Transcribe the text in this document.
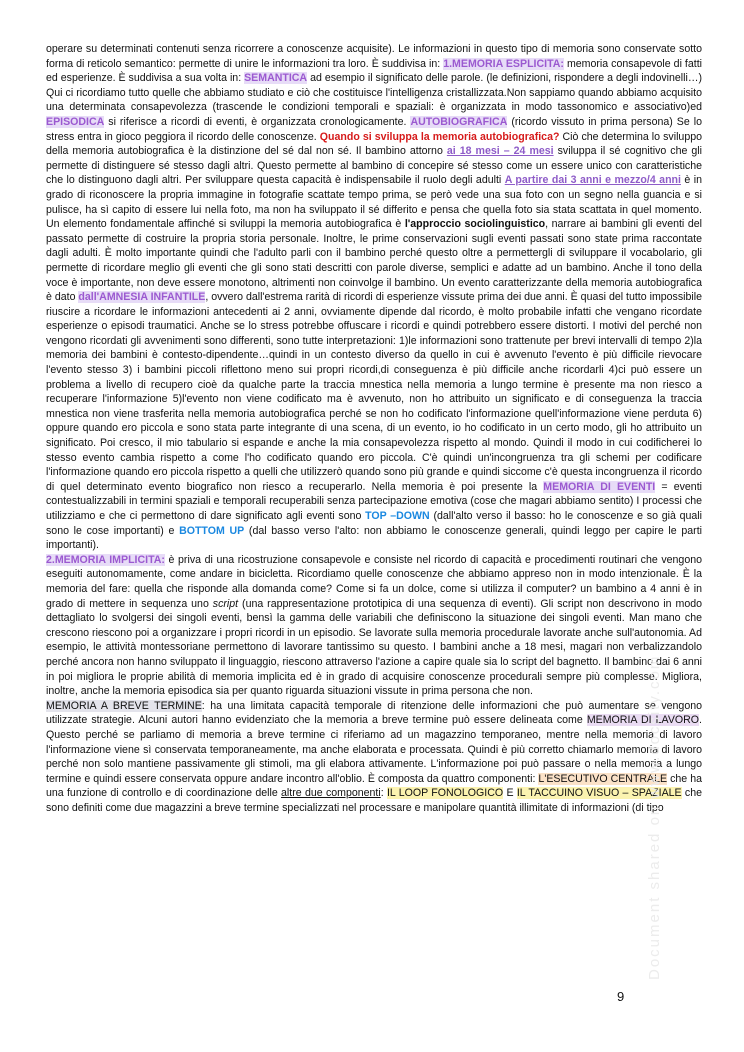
operare su determinati contenuti senza ricorrere a conoscenze acquisite). Le informazioni in questo tipo di memoria sono conservate sotto forma di reticolo semantico: permette di unire le informazioni tra loro. È suddivisa in: 1.MEMORIA ESPLICITA: memoria consapevole di fatti ed esperienze. È suddivisa a sua volta in: SEMANTICA ad esempio il significato delle parole. (le definizioni, rispondere a degli indovinelli…) Qui ci ricordiamo tutto quelle che abbiamo studiato e ciò che costituisce l'intelligenza cristallizzata.Non sappiamo quando abbiamo acquisito una determinata consapevolezza (trascende le condizioni temporali e spaziali: è organizzata in modo tassonomico e associativo)ed EPISODICA si riferisce a ricordi di eventi, è organizzata cronologicamente. AUTOBIOGRAFICA (ricordo vissuto in prima persona) Se lo stress entra in gioco peggiora il ricordo delle conoscenze. Quando si sviluppa la memoria autobiografica? Ciò che determina lo sviluppo della memoria autobiografica è la distinzione del sé dal non sé. Il bambino attorno ai 18 mesi – 24 mesi sviluppa il sé cognitivo che gli permette di distinguere sé stesso dagli altri. Questo permette al bambino di concepire sé stesso come un essere unico con caratteristiche che lo distinguono dagli altri. Per sviluppare questa capacità è indispensabile il ruolo degli adulti A partire dai 3 anni e mezzo/4 anni è in grado di riconoscere la propria immagine in fotografie scattate tempo prima, se però vede una sua foto con un segno nella guancia e si pulisce, ha sì capito di essere lui nella foto, ma non ha sviluppato il sé differito e pensa che quella foto sia stata scattata in quel momento. Un elemento fondamentale affinché si sviluppi la memoria autobiografica è l'approccio sociolinguistico, narrare ai bambini gli eventi del passato permette di costruire la propria storia personale. Inoltre, le prime conservazioni sugli eventi passati sono state prima raccontate dagli adulti. È molto importante quindi che l'adulto parli con il bambino perché questo oltre a permettergli di sviluppare il vocabolario, gli permette di ricordare meglio gli eventi che gli sono stati descritti con parole diverse, semplici e adatte ad un bambino. Anche il tono della voce è importante, non deve essere monotono, altrimenti non coinvolge il bambino. Un evento caratterizzante della memoria autobiografica è dato dall'AMNESIA INFANTILE, ovvero dall'estrema rarità di ricordi di esperienze vissute prima dei due anni. È quasi del tutto impossibile riuscire a ricordare le informazioni antecedenti ai 2 anni, ovviamente dipende dal ricordo, è molto probabile infatti che vengano ricordate esperienze o episodi traumatici. Anche se lo stress potrebbe offuscare i ricordi e quindi potrebbero essere distorti. I motivi del perché non vengono ricordati gli avvenimenti sono differenti, sono tutte interpretazioni: 1)le informazioni sono trattenute per brevi intervalli di tempo 2)la memoria dei bambini è contesto-dipendente…quindi in un contesto diverso da quello in cui è avvenuto l'evento è più difficile rievocare l'evento stesso 3) i bambini piccoli riflettono meno sui propri ricordi,di conseguenza è più difficile anche ricordarli 4)ci può essere un problema a livello di recupero cioè da qualche parte la traccia mnestica nella memoria a lungo termine è presente ma non riesco a recuperare l'informazione 5)l'evento non viene codificato ma è avvenuto, non ho attribuito un significato e di conseguenza la traccia mnestica non viene trasferita nella memoria autobiografica perché se non ho codificato l'informazione quell'informazione viene perduta 6) oppure quando ero piccola e sono stata parte integrante di una scena, di un evento, io ho codificato in un certo modo, gli ho attribuito un significato. Poi cresco, il mio tabulario si espande e anche la mia consapevolezza rispetto al mondo. Quindi il modo in cui codificherei lo stesso evento cambia rispetto a come l'ho codificato quando ero piccola. C'è quindi un'incongruenza tra gli schemi per codificare l'informazione quando ero piccola rispetto a quelli che utilizzerò quando sono più grande e quindi siccome c'è questa incongruenza il ricordo di quel determinato evento biografico non riesco a recuperarlo. Nella memoria è poi presente la MEMORIA DI EVENTI = eventi contestualizzabili in termini spaziali e temporali recuperabili senza partecipazione emotiva (cose che magari abbiamo sentito) I processi che utilizziamo e che ci permettono di dare significato agli eventi sono TOP –DOWN (dall'alto verso il basso: ho le conoscenze e so già quali sono le cose importanti) e BOTTOM UP (dal basso verso l'alto: non abbiamo le conoscenze generali, quindi leggo per capire le parti importanti).

2.MEMORIA IMPLICITA: è priva di una ricostruzione consapevole e consiste nel ricordo di capacità e procedimenti routinari che vengono eseguiti autonomamente, come andare in bicicletta. Ricordiamo quelle conoscenze che abbiamo appreso non in modo intenzionale. È la memoria del fare: quella che risponde alla domanda come? Come si fa un dolce, come si utilizza il computer? un bambino a 4 anni è in grado di mettere in sequenza uno script (una rappresentazione prototipica di una sequenza di eventi). Gli script non descrivono in modo dettagliato lo svolgersi dei singoli eventi, bensì la gamma delle variabili che definiscono la situazione dei singoli eventi. Man mano che crescono riescono poi a organizzare i propri ricordi in un episodio. Se lavorate sulla memoria procedurale lavorate anche sull'autonomia. Ad esempio, le attività montessoriane permettono di lavorare tantissimo su questo. I bambini anche a 18 mesi, magari non verbalizzandolo perché ancora non hanno sviluppato il linguaggio, riescono attraverso l'azione a capire quale sia lo script del bagnetto. Il bambino dai 6 anni in poi migliora le proprie abilità di memoria implicita ed è in grado di acquisire conoscenze procedurali sempre più complesse. Migliora, inoltre, anche la memoria episodica sia per quanto riguarda situazioni vissute in prima persona che non.

MEMORIA A BREVE TERMINE: ha una limitata capacità temporale di ritenzione delle informazioni che può aumentare se vengono utilizzate strategie. Alcuni autori hanno evidenziato che la memoria a breve termine può essere delineata come MEMORIA DI LAVORO. Questo perché se parliamo di memoria a breve termine ci riferiamo ad un magazzino temporaneo, mentre nella memoria di lavoro l'informazione viene sì conservata temporaneamente, ma anche elaborata e processata. Quindi è più corretto chiamarlo memoria di lavoro perché non solo mantiene passivamente gli stimoli, ma gli elabora attivamente. L'informazione poi può passare o nella memoria a lungo termine e quindi essere conservata oppure andare incontro all'oblio. È composta da quattro componenti: L'ESECUTIVO CENTRALE che ha una funzione di controllo e di coordinazione delle altre due componenti: IL LOOP FONOLOGICO E IL TACCUINO VISUO – SPAZIALE che sono definiti come due magazzini a breve termine specializzati nel processare e manipolare quantità illimitate di informazioni (di tipo

Document shared on www.docsity.com
9
